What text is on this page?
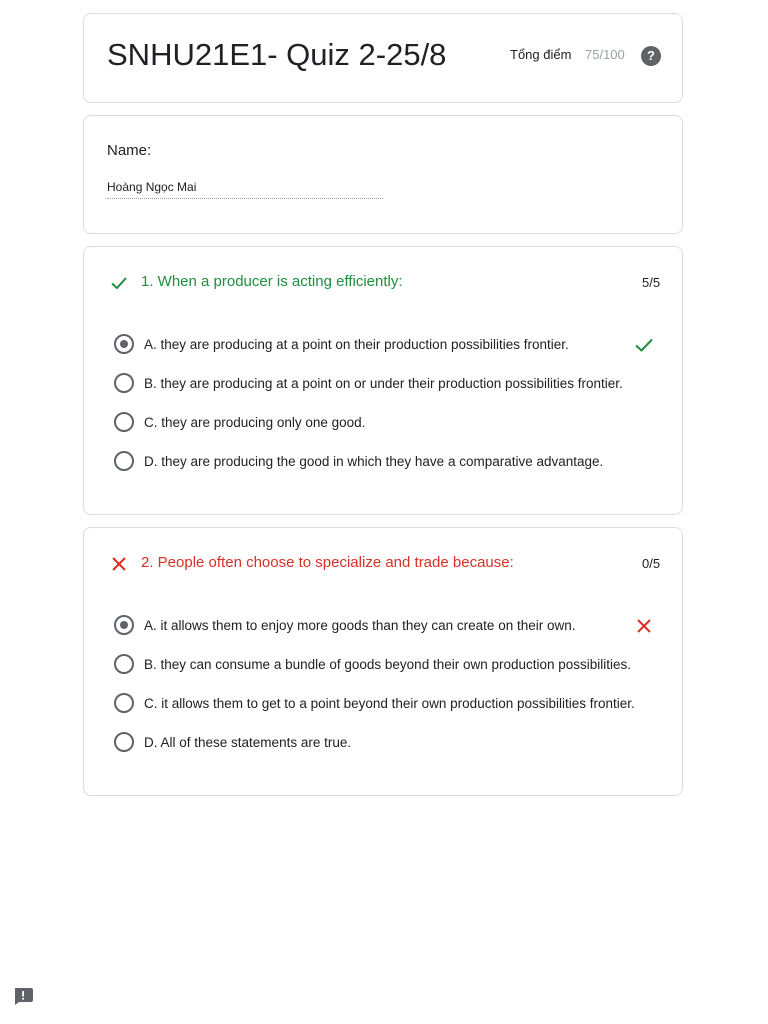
SNHU21E1- Quiz 2-25/8	Tổng điểm 75/100	?
Name:
Hoàng Ngọc Mai
1. When a producer is acting efficiently:	5/5
A. they are producing at a point on their production possibilities frontier.
B. they are producing at a point on or under their production possibilities frontier.
C. they are producing only one good.
D. they are producing the good in which they have a comparative advantage.
2. People often choose to specialize and trade because:	0/5
A. it allows them to enjoy more goods than they can create on their own.
B. they can consume a bundle of goods beyond their own production possibilities.
C. it allows them to get to a point beyond their own production possibilities frontier.
D. All of these statements are true.
